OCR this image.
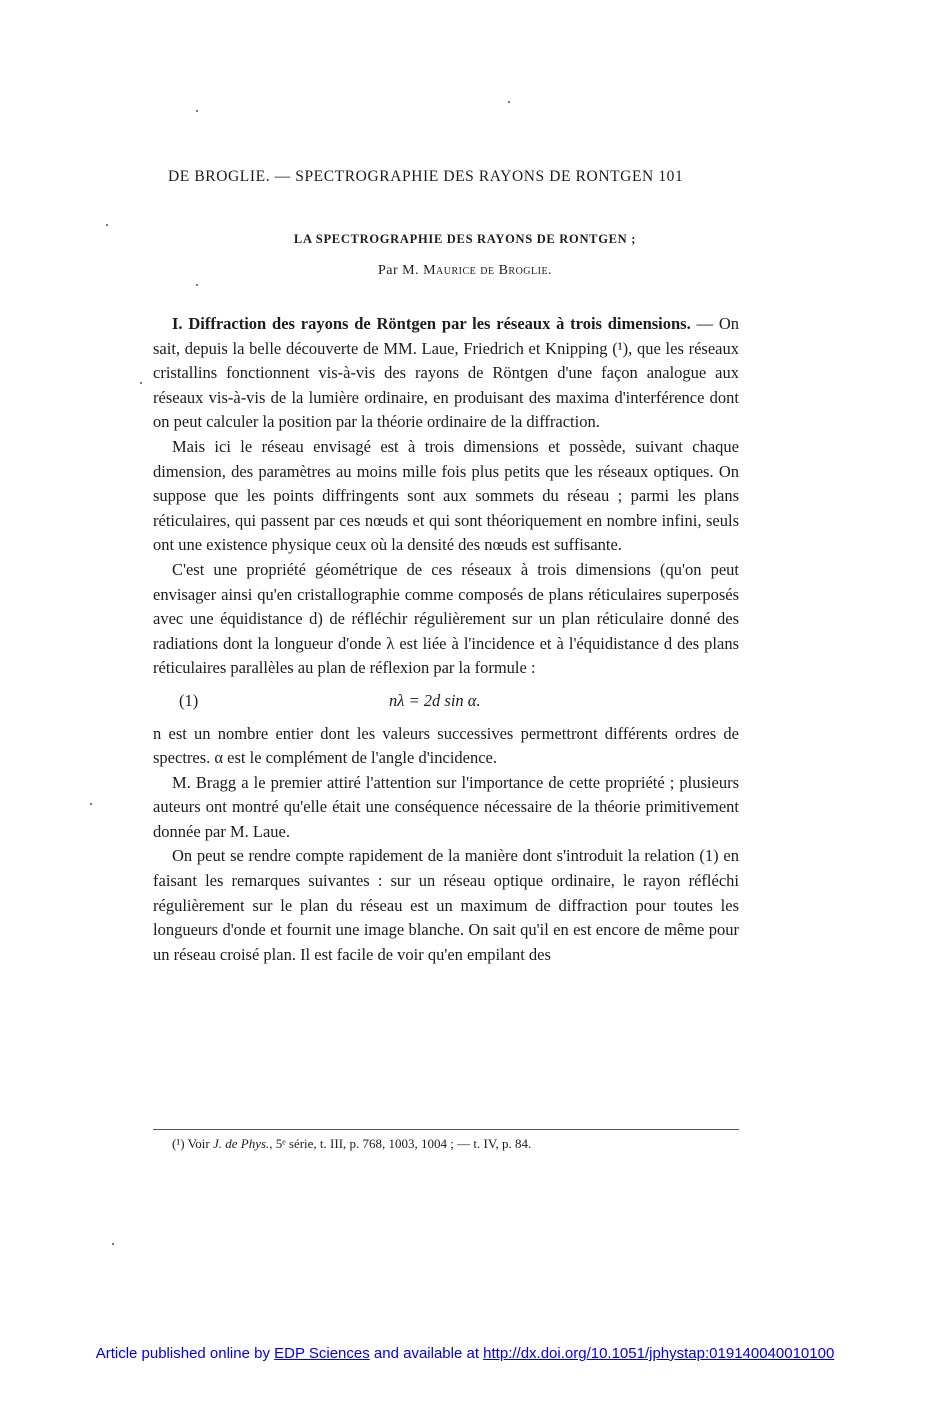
DE BROGLIE. — SPECTROGRAPHIE DES RAYONS DE RONTGEN 101
LA SPECTROGRAPHIE DES RAYONS DE RONTGEN ;
Par M. Maurice de Broglie.

I. Diffraction des rayons de Röntgen par les réseaux à trois dimensions. — On sait, depuis la belle découverte de MM. Laue, Friedrich et Knipping (¹), que les réseaux cristallins fonctionnent vis-à-vis des rayons de Röntgen d'une façon analogue aux réseaux vis-à-vis de la lumière ordinaire, en produisant des maxima d'interférence dont on peut calculer la position par la théorie ordinaire de la diffraction.

Mais ici le réseau envisagé est à trois dimensions et possède, suivant chaque dimension, des paramètres au moins mille fois plus petits que les réseaux optiques. On suppose que les points diffringents sont aux sommets du réseau ; parmi les plans réticulaires, qui passent par ces nœuds et qui sont théoriquement en nombre infini, seuls ont une existence physique ceux où la densité des nœuds est suffisante.

C'est une propriété géométrique de ces réseaux à trois dimensions (qu'on peut envisager ainsi qu'en cristallographie comme composés de plans réticulaires superposés avec une équidistance d) de réfléchir régulièrement sur un plan réticulaire donné des radiations dont la longueur d'onde λ est liée à l'incidence et à l'équidistance d des plans réticulaires parallèles au plan de réflexion par la formule :

(1)	nλ = 2d sin α.

n est un nombre entier dont les valeurs successives permettront différents ordres de spectres. α est le complément de l'angle d'incidence.

M. Bragg a le premier attiré l'attention sur l'importance de cette propriété ; plusieurs auteurs ont montré qu'elle était une conséquence nécessaire de la théorie primitivement donnée par M. Laue.

On peut se rendre compte rapidement de la manière dont s'introduit la relation (1) en faisant les remarques suivantes : sur un réseau optique ordinaire, le rayon réfléchi régulièrement sur le plan du réseau est un maximum de diffraction pour toutes les longueurs d'onde et fournit une image blanche. On sait qu'il en est encore de même pour un réseau croisé plan. Il est facile de voir qu'en empilant des

(¹) Voir J. de Phys., 5ᵉ série, t. III, p. 768, 1003, 1004 ; — t. IV, p. 84.
Article published online by EDP Sciences and available at http://dx.doi.org/10.1051/jphystap:019140040010100
